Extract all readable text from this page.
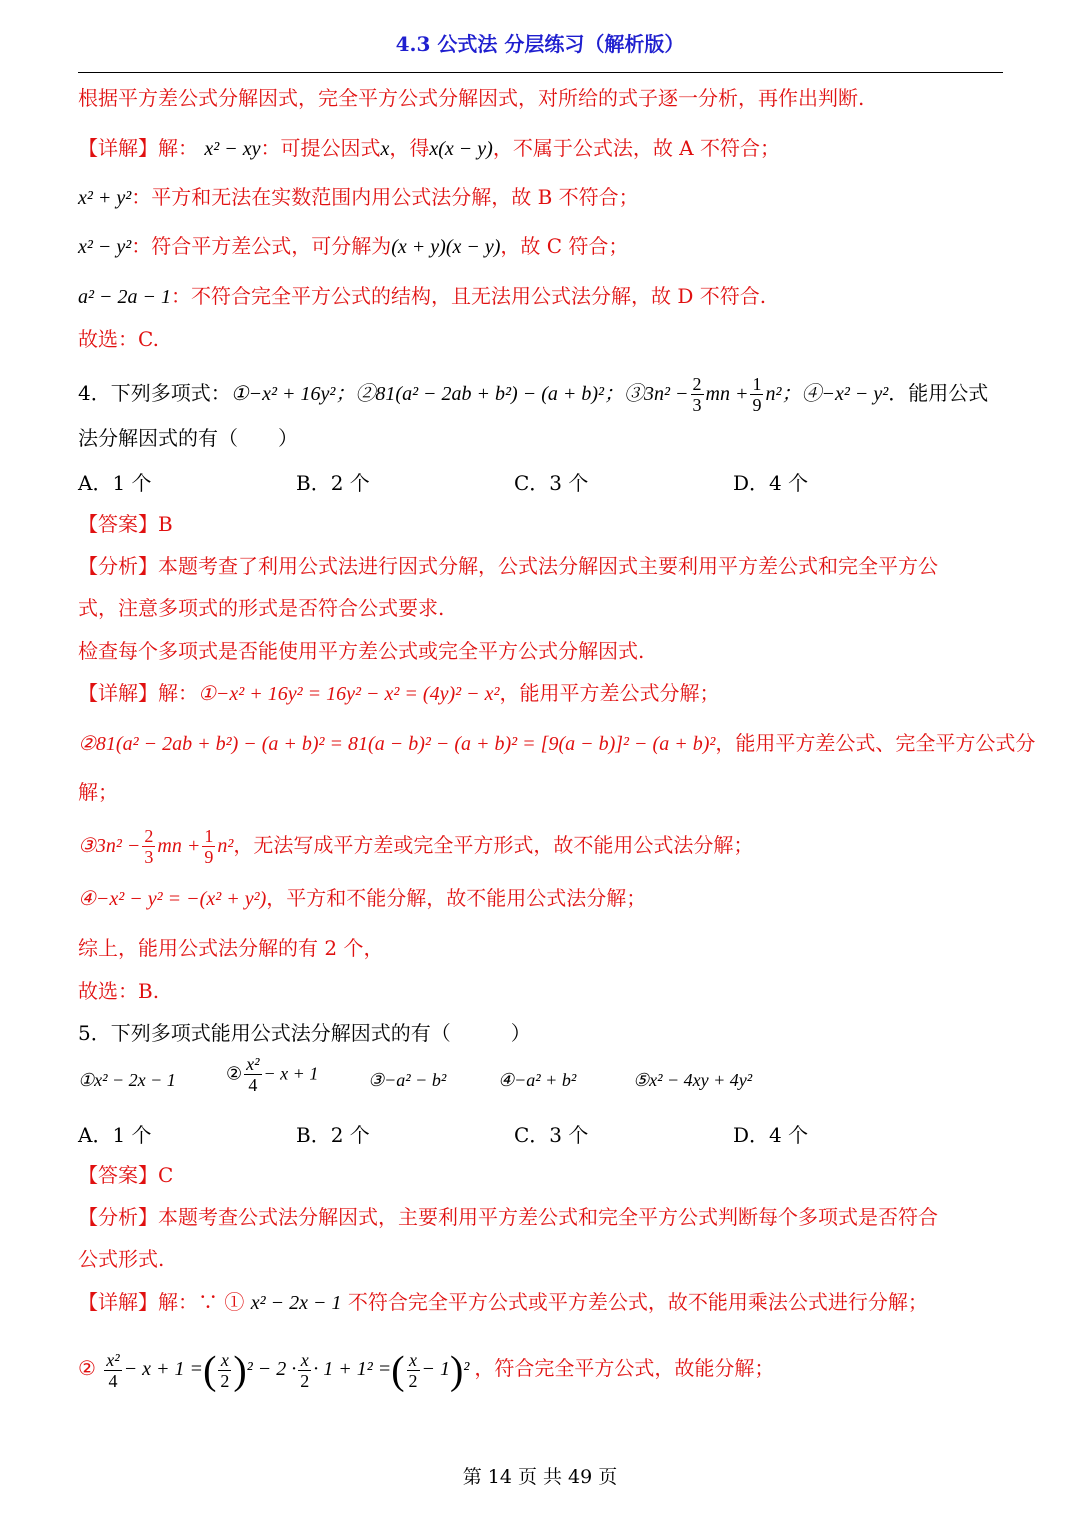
4.3 公式法 分层练习（解析版）
根据平方差公式分解因式，完全平方公式分解因式，对所给的式子逐一分析，再作出判断.
【详解】解： x² − xy：可提公因式x，得x(x − y)，不属于公式法，故 A 不符合；
x² + y²：平方和无法在实数范围内用公式法分解，故 B 不符合；
x² − y²：符合平方差公式，可分解为(x + y)(x − y)，故 C 符合；
a² − 2a − 1：不符合完全平方公式的结构，且无法用公式法分解，故 D 不符合.
故选：C.
4．下列多项式：①−x² + 16y²；②81(a² − 2ab + b²) − (a + b)²；③3n² − $\frac{2}{3}$ mn + $\frac{1}{9} n^2$；④−x² − y²．能用公式
法分解因式的有（　　）
A．1 个	B．2 个	C．3 个	D．4 个
【答案】B
【分析】本题考查了利用公式法进行因式分解，公式法分解因式主要利用平方差公式和完全平方公
式，注意多项式的形式是否符合公式要求.
检查每个多项式是否能使用平方差公式或完全平方公式分解因式.
【详解】解：①−x² + 16y² = 16y² − x² = (4y)² − x²，能用平方差公式分解；
②81(a² − 2ab + b²) − (a + b)² = 81(a − b)² − (a + b)² = [9(a − b)]² − (a + b)²，能用平方差公式、完全平方公式分
解；
③3n² − $\frac{2}{3}$ mn + $\frac{1}{9} n^2$，无法写成平方差或完全平方形式，故不能用公式法分解；
④−x² − y² = −(x² + y²)，平方和不能分解，故不能用公式法分解；
综上，能用公式法分解的有 2 个，
故选：B.
5．下列多项式能用公式法分解因式的有（　　　）
①x² − 2x − 1	② $\frac{\text{x²}}{4} - x + 1$	③−a² − b²	④−a² + b²	⑤x² − 4xy + 4y²
A．1 个	B．2 个	C．3 个	D．4 个
【答案】C
【分析】本题考查公式法分解因式，主要利用平方差公式和完全平方公式判断每个多项式是否符合
公式形式.
【详解】解：∵ ① x² − 2x − 1 不符合完全平方公式或平方差公式，故不能用乘法公式进行分解；
② $\frac{\text{x²}}{4} - x + 1$ =( $\frac{x}{2} )^2 - 2 \cdot \frac{x}{2} \cdot 1 + 1^2$ =( $\frac{x}{2} - 1)^2$ ，符合完全平方公式，故能分解；
第 14 页 共 49 页
